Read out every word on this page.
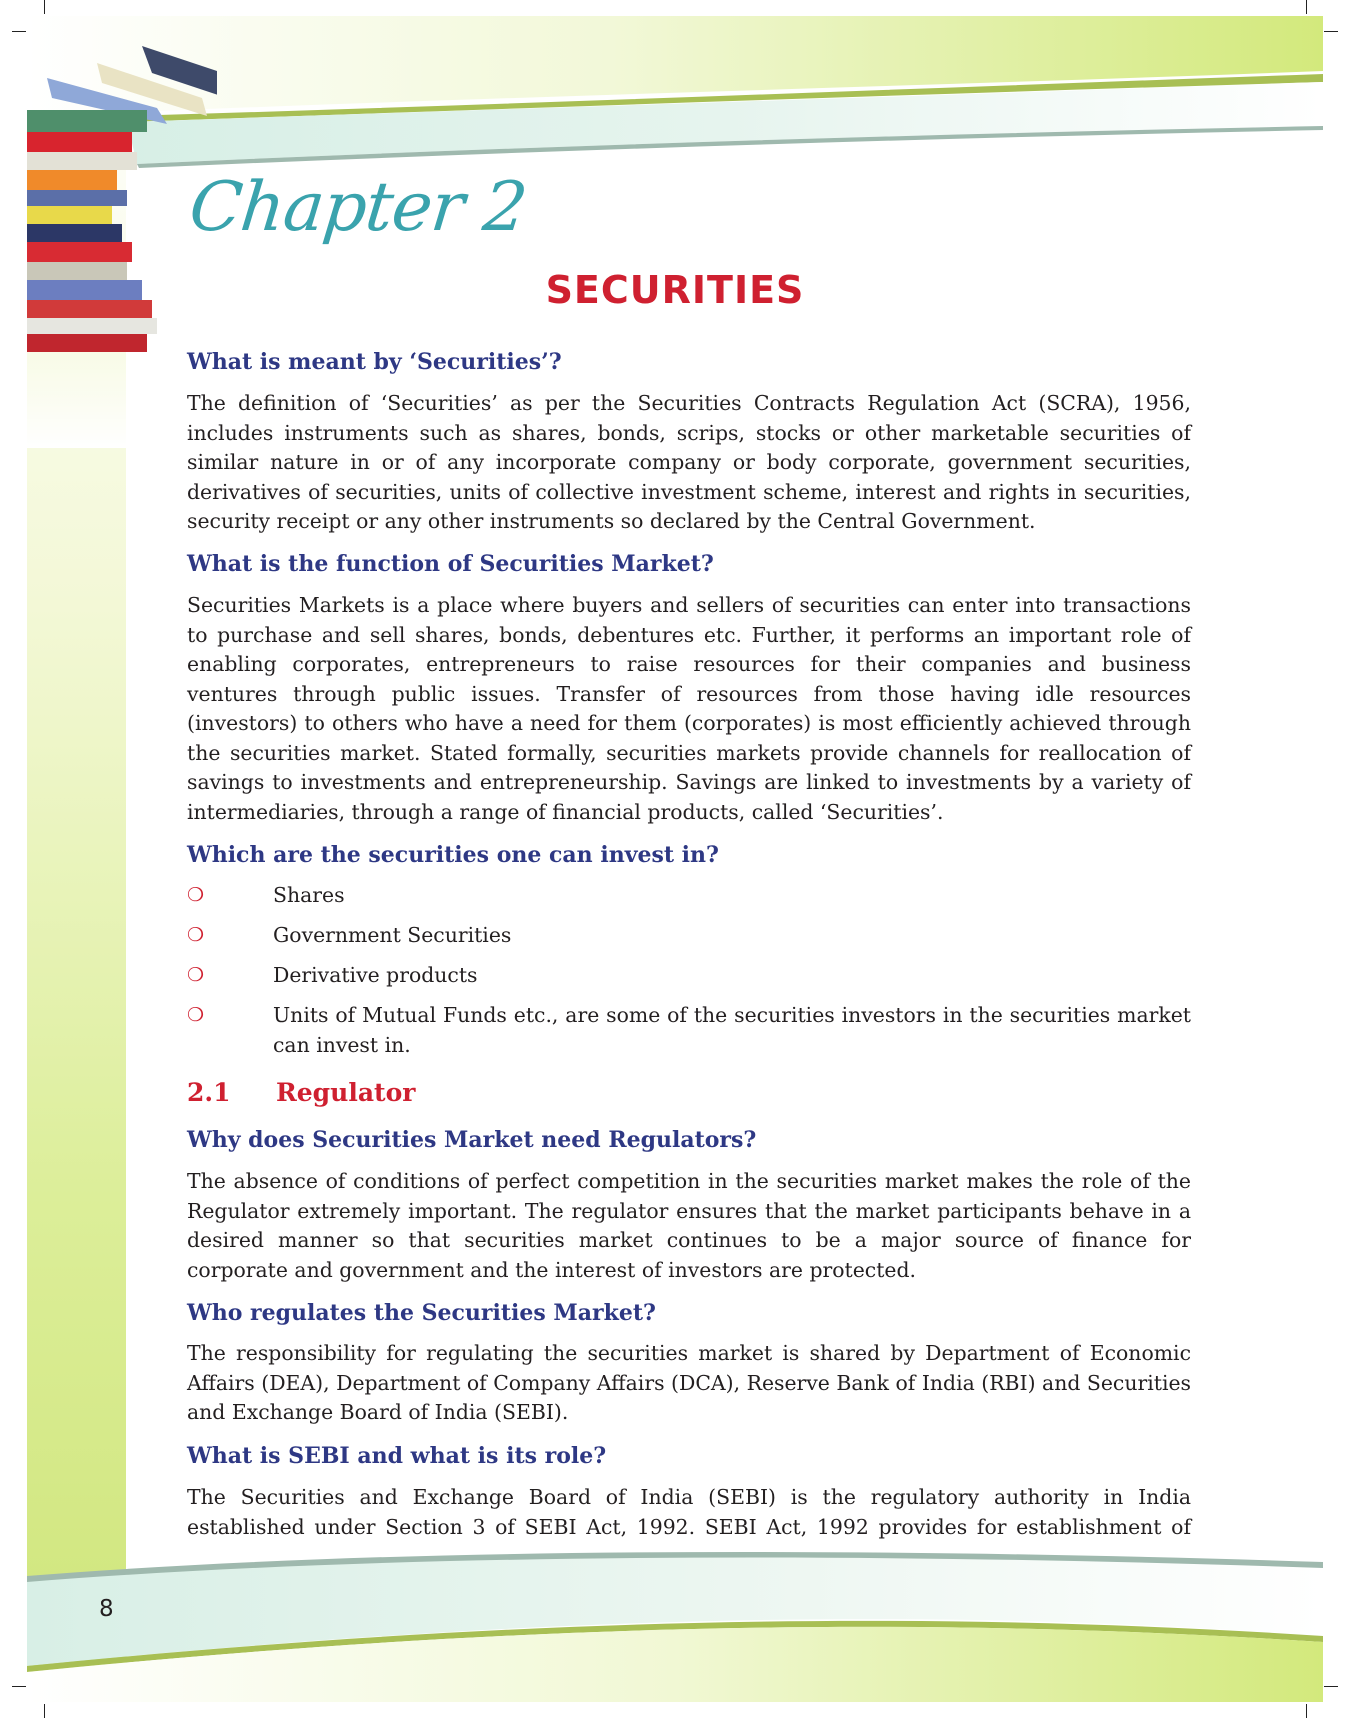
Chapter 2
SECURITIES

What is meant by ‘Securities’?

The definition of ‘Securities’ as per the Securities Contracts Regulation Act (SCRA), 1956, includes instruments such as shares, bonds, scrips, stocks or other marketable securities of similar nature in or of any incorporate company or body corporate, government securities, derivatives of securities, units of collective investment scheme, interest and rights in securities, security receipt or any other instruments so declared by the Central Government.

What is the function of Securities Market?

Securities Markets is a place where buyers and sellers of securities can enter into transactions to purchase and sell shares, bonds, debentures etc. Further, it performs an important role of enabling corporates, entrepreneurs to raise resources for their companies and business ventures through public issues. Transfer of resources from those having idle resources (investors) to others who have a need for them (corporates) is most efficiently achieved through the securities market. Stated formally, securities markets provide channels for reallocation of savings to investments and entrepreneurship. Savings are linked to investments by a variety of intermediaries, through a range of financial products, called ‘Securities’.

Which are the securities one can invest in?

❍	Shares
❍	Government Securities
❍	Derivative products
❍	Units of Mutual Funds etc., are some of the securities investors in the securities market can invest in.

2.1	Regulator

Why does Securities Market need Regulators?

The absence of conditions of perfect competition in the securities market makes the role of the Regulator extremely important. The regulator ensures that the market participants behave in a desired manner so that securities market continues to be a major source of finance for corporate and government and the interest of investors are protected.

Who regulates the Securities Market?

The responsibility for regulating the securities market is shared by Department of Economic Affairs (DEA), Department of Company Affairs (DCA), Reserve Bank of India (RBI) and Securities and Exchange Board of India (SEBI).

What is SEBI and what is its role?

The Securities and Exchange Board of India (SEBI) is the regulatory authority in India established under Section 3 of SEBI Act, 1992. SEBI Act, 1992 provides for establishment of

8
